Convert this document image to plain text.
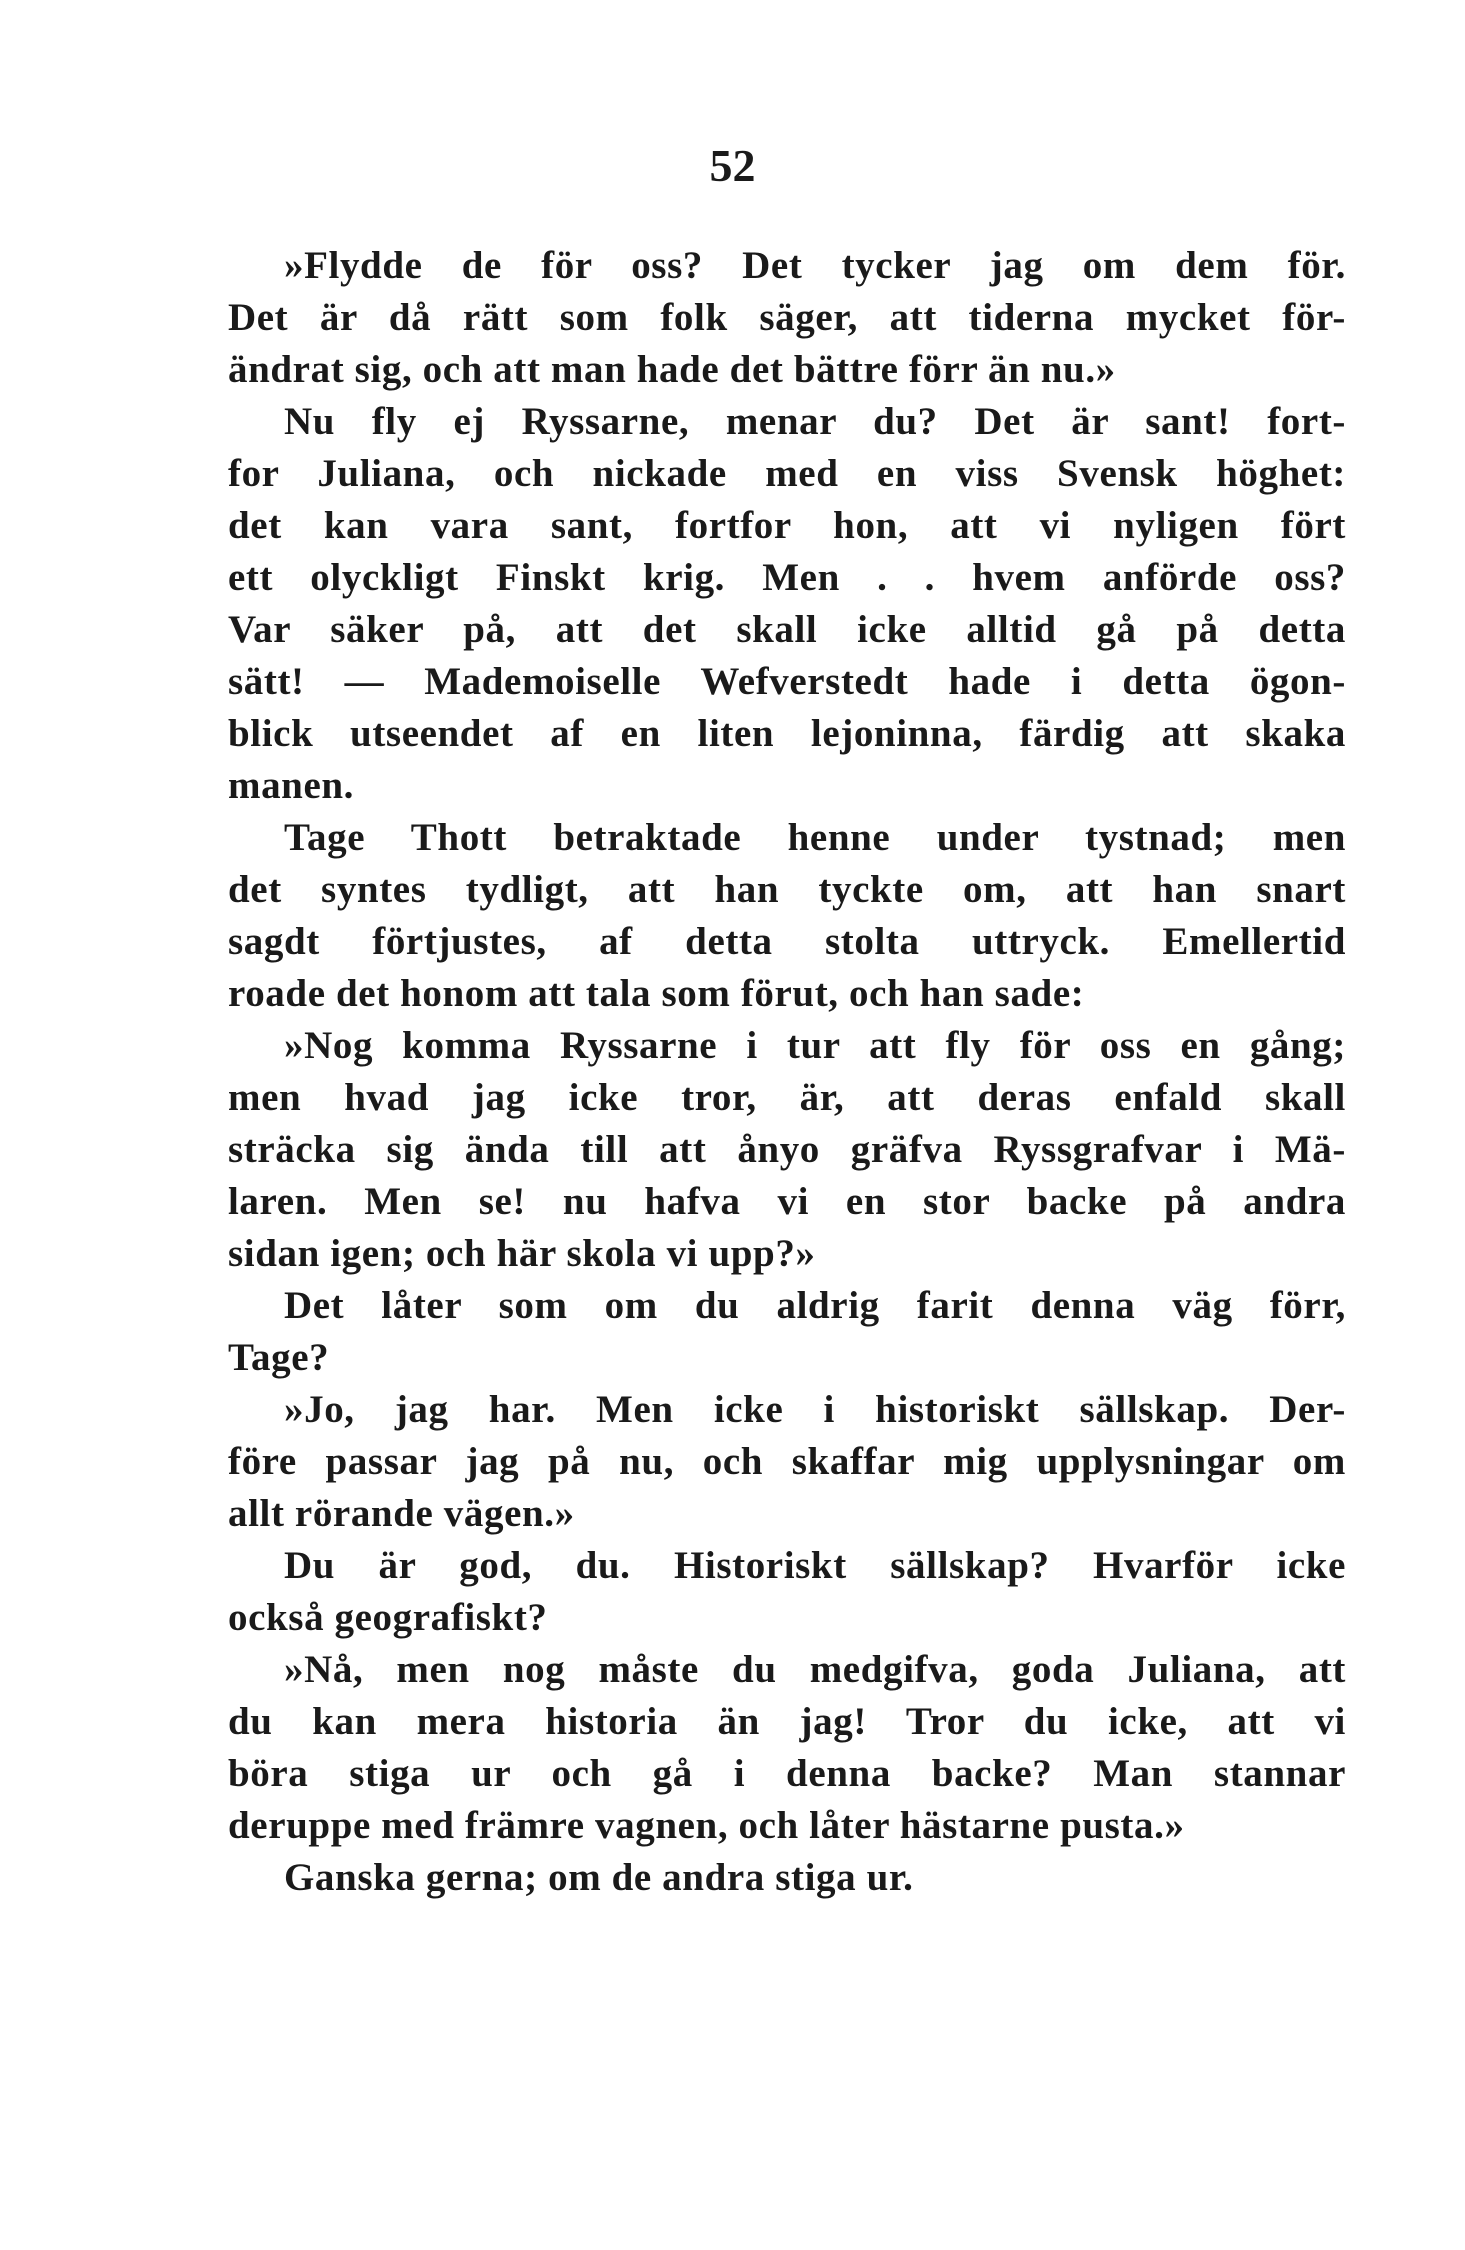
52
»Flydde de för oss? Det tycker jag om dem för.
Det är då rätt som folk säger, att tiderna mycket för-
ändrat sig, och att man hade det bättre förr än nu.»
Nu fly ej Ryssarne, menar du? Det är sant! fort-
for Juliana, och nickade med en viss Svensk höghet:
det kan vara sant, fortfor hon, att vi nyligen fört
ett olyckligt Finskt krig. Men . . hvem anförde oss?
Var säker på, att det skall icke alltid gå på detta
sätt! — Mademoiselle Wefverstedt hade i detta ögon-
blick utseendet af en liten lejoninna, färdig att skaka
manen.
Tage Thott betraktade henne under tystnad; men
det syntes tydligt, att han tyckte om, att han snart
sagdt förtjustes, af detta stolta uttryck. Emellertid
roade det honom att tala som förut, och han sade:
»Nog komma Ryssarne i tur att fly för oss en gång;
men hvad jag icke tror, är, att deras enfald skall
sträcka sig ända till att ånyo gräfva Ryssgrafvar i Mä-
laren. Men se! nu hafva vi en stor backe på andra
sidan igen; och här skola vi upp?»
Det låter som om du aldrig farit denna väg förr,
Tage?
»Jo, jag har. Men icke i historiskt sällskap. Der-
före passar jag på nu, och skaffar mig upplysningar om
allt rörande vägen.»
Du är god, du. Historiskt sällskap? Hvarför icke
också geografiskt?
»Nå, men nog måste du medgifva, goda Juliana, att
du kan mera historia än jag! Tror du icke, att vi
böra stiga ur och gå i denna backe? Man stannar
deruppe med främre vagnen, och låter hästarne pusta.»
Ganska gerna; om de andra stiga ur.
